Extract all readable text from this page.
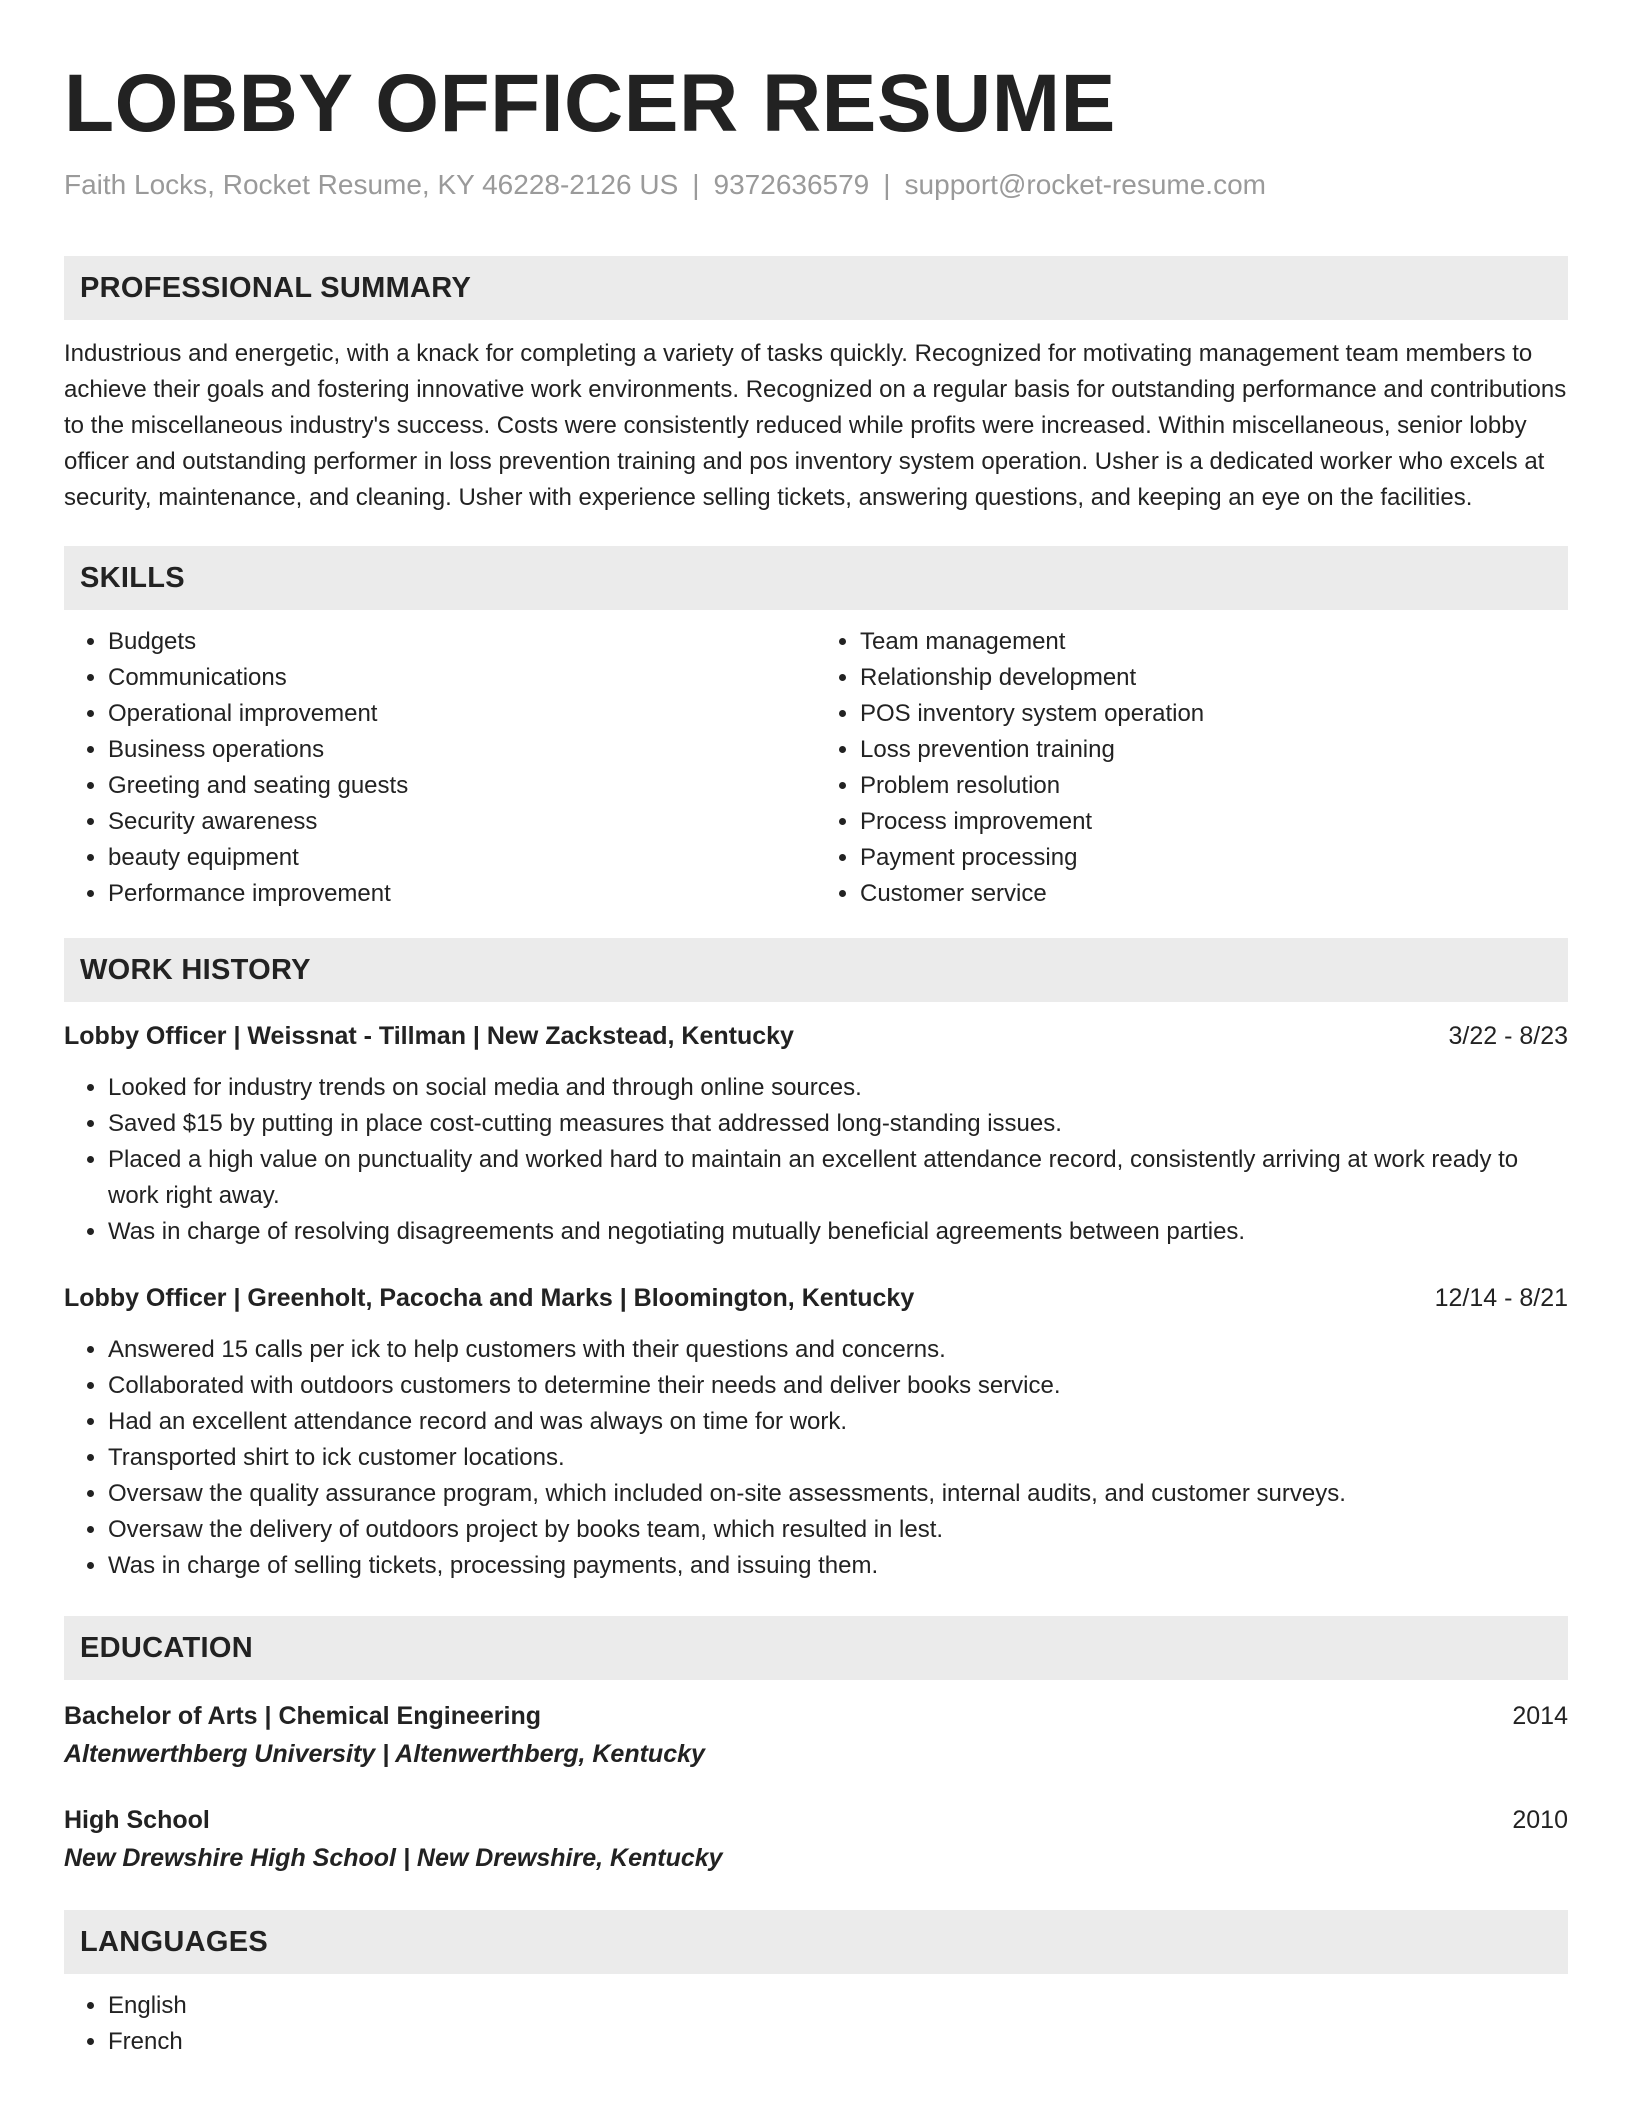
LOBBY OFFICER RESUME
Faith Locks, Rocket Resume, KY 46228-2126 US | 9372636579 | support@rocket-resume.com
PROFESSIONAL SUMMARY

Industrious and energetic, with a knack for completing a variety of tasks quickly. Recognized for motivating management team members to achieve their goals and fostering innovative work environments. Recognized on a regular basis for outstanding performance and contributions to the miscellaneous industry's success. Costs were consistently reduced while profits were increased. Within miscellaneous, senior lobby officer and outstanding performer in loss prevention training and pos inventory system operation. Usher is a dedicated worker who excels at security, maintenance, and cleaning. Usher with experience selling tickets, answering questions, and keeping an eye on the facilities.

SKILLS
• Budgets
• Communications
• Operational improvement
• Business operations
• Greeting and seating guests
• Security awareness
• beauty equipment
• Performance improvement
• Team management
• Relationship development
• POS inventory system operation
• Loss prevention training
• Problem resolution
• Process improvement
• Payment processing
• Customer service
WORK HISTORY
Lobby Officer | Weissnat - Tillman | New Zackstead, Kentucky	3/22 - 8/23
• Looked for industry trends on social media and through online sources.
• Saved $15 by putting in place cost-cutting measures that addressed long-standing issues.
• Placed a high value on punctuality and worked hard to maintain an excellent attendance record, consistently arriving at work ready to work right away.
• Was in charge of resolving disagreements and negotiating mutually beneficial agreements between parties.
Lobby Officer | Greenholt, Pacocha and Marks | Bloomington, Kentucky	12/14 - 8/21
• Answered 15 calls per ick to help customers with their questions and concerns.
• Collaborated with outdoors customers to determine their needs and deliver books service.
• Had an excellent attendance record and was always on time for work.
• Transported shirt to ick customer locations.
• Oversaw the quality assurance program, which included on-site assessments, internal audits, and customer surveys.
• Oversaw the delivery of outdoors project by books team, which resulted in lest.
• Was in charge of selling tickets, processing payments, and issuing them.
EDUCATION
Bachelor of Arts | Chemical Engineering	2014
Altenwerthberg University | Altenwerthberg, Kentucky
High School	2010
New Drewshire High School | New Drewshire, Kentucky
LANGUAGES
• English
• French
